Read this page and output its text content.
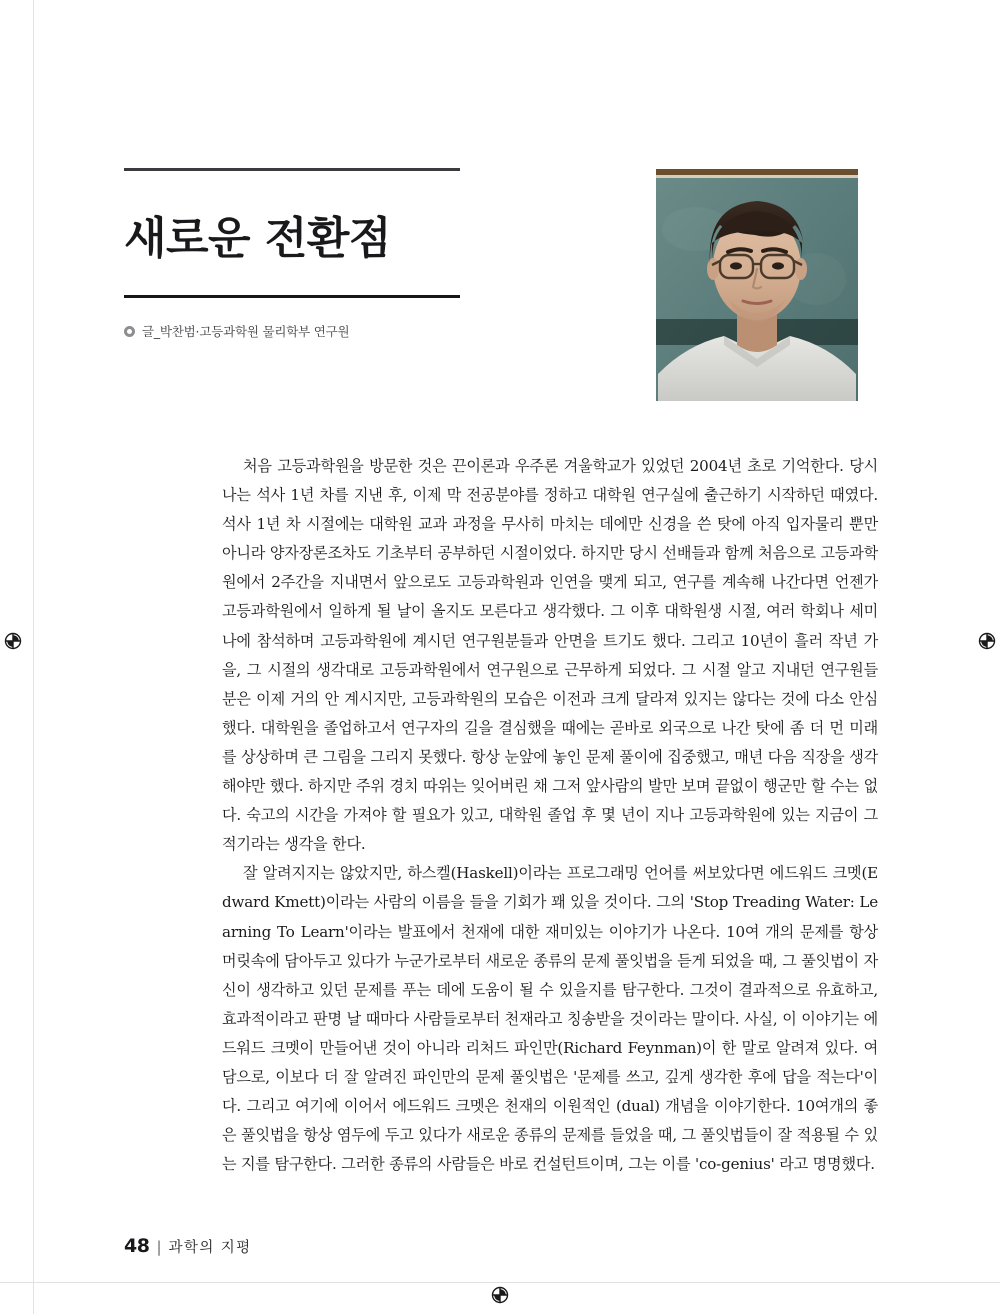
새로운 전환점
글_박찬범·고등과학원 물리학부 연구원

처음 고등과학원을 방문한 것은 끈이론과 우주론 겨울학교가 있었던 2004년 초로 기억한다. 당시 나는 석사 1년 차를 지낸 후, 이제 막 전공분야를 정하고 대학원 연구실에 출근하기 시작하던 때였다. 석사 1년 차 시절에는 대학원 교과 과정을 무사히 마치는 데에만 신경을 쓴 탓에 아직 입자물리 뿐만 아니라 양자장론조차도 기초부터 공부하던 시절이었다. 하지만 당시 선배들과 함께 처음으로 고등과학원에서 2주간을 지내면서 앞으로도 고등과학원과 인연을 맺게 되고, 연구를 계속해 나간다면 언젠가 고등과학원에서 일하게 될 날이 올지도 모른다고 생각했다. 그 이후 대학원생 시절, 여러 학회나 세미나에 참석하며 고등과학원에 계시던 연구원분들과 안면을 트기도 했다. 그리고 10년이 흘러 작년 가을, 그 시절의 생각대로 고등과학원에서 연구원으로 근무하게 되었다. 그 시절 알고 지내던 연구원들 분은 이제 거의 안 계시지만, 고등과학원의 모습은 이전과 크게 달라져 있지는 않다는 것에 다소 안심했다. 대학원을 졸업하고서 연구자의 길을 결심했을 때에는 곧바로 외국으로 나간 탓에 좀 더 먼 미래를 상상하며 큰 그림을 그리지 못했다. 항상 눈앞에 놓인 문제 풀이에 집중했고, 매년 다음 직장을 생각해야만 했다. 하지만 주위 경치 따위는 잊어버린 채 그저 앞사람의 발만 보며 끝없이 행군만 할 수는 없다. 숙고의 시간을 가져야 할 필요가 있고, 대학원 졸업 후 몇 년이 지나 고등과학원에 있는 지금이 그 적기라는 생각을 한다.

잘 알려지지는 않았지만, 하스켈(Haskell)이라는 프로그래밍 언어를 써보았다면 에드워드 크멧(Edward Kmett)이라는 사람의 이름을 들을 기회가 꽤 있을 것이다. 그의 'Stop Treading Water: Learning To Learn'이라는 발표에서 천재에 대한 재미있는 이야기가 나온다. 10여 개의 문제를 항상 머릿속에 담아두고 있다가 누군가로부터 새로운 종류의 문제 풀잇법을 듣게 되었을 때, 그 풀잇법이 자신이 생각하고 있던 문제를 푸는 데에 도움이 될 수 있을지를 탐구한다. 그것이 결과적으로 유효하고, 효과적이라고 판명 날 때마다 사람들로부터 천재라고 칭송받을 것이라는 말이다. 사실, 이 이야기는 에드워드 크멧이 만들어낸 것이 아니라 리처드 파인만(Richard Feynman)이 한 말로 알려져 있다. 여담으로, 이보다 더 잘 알려진 파인만의 문제 풀잇법은 '문제를 쓰고, 깊게 생각한 후에 답을 적는다'이다. 그리고 여기에 이어서 에드워드 크멧은 천재의 이원적인 (dual) 개념을 이야기한다. 10여개의 좋은 풀잇법을 항상 염두에 두고 있다가 새로운 종류의 문제를 들었을 때, 그 풀잇법들이 잘 적용될 수 있는 지를 탐구한다. 그러한 종류의 사람들은 바로 컨설턴트이며, 그는 이를 'co-genius' 라고 명명했다.

48 | 과학의 지평
